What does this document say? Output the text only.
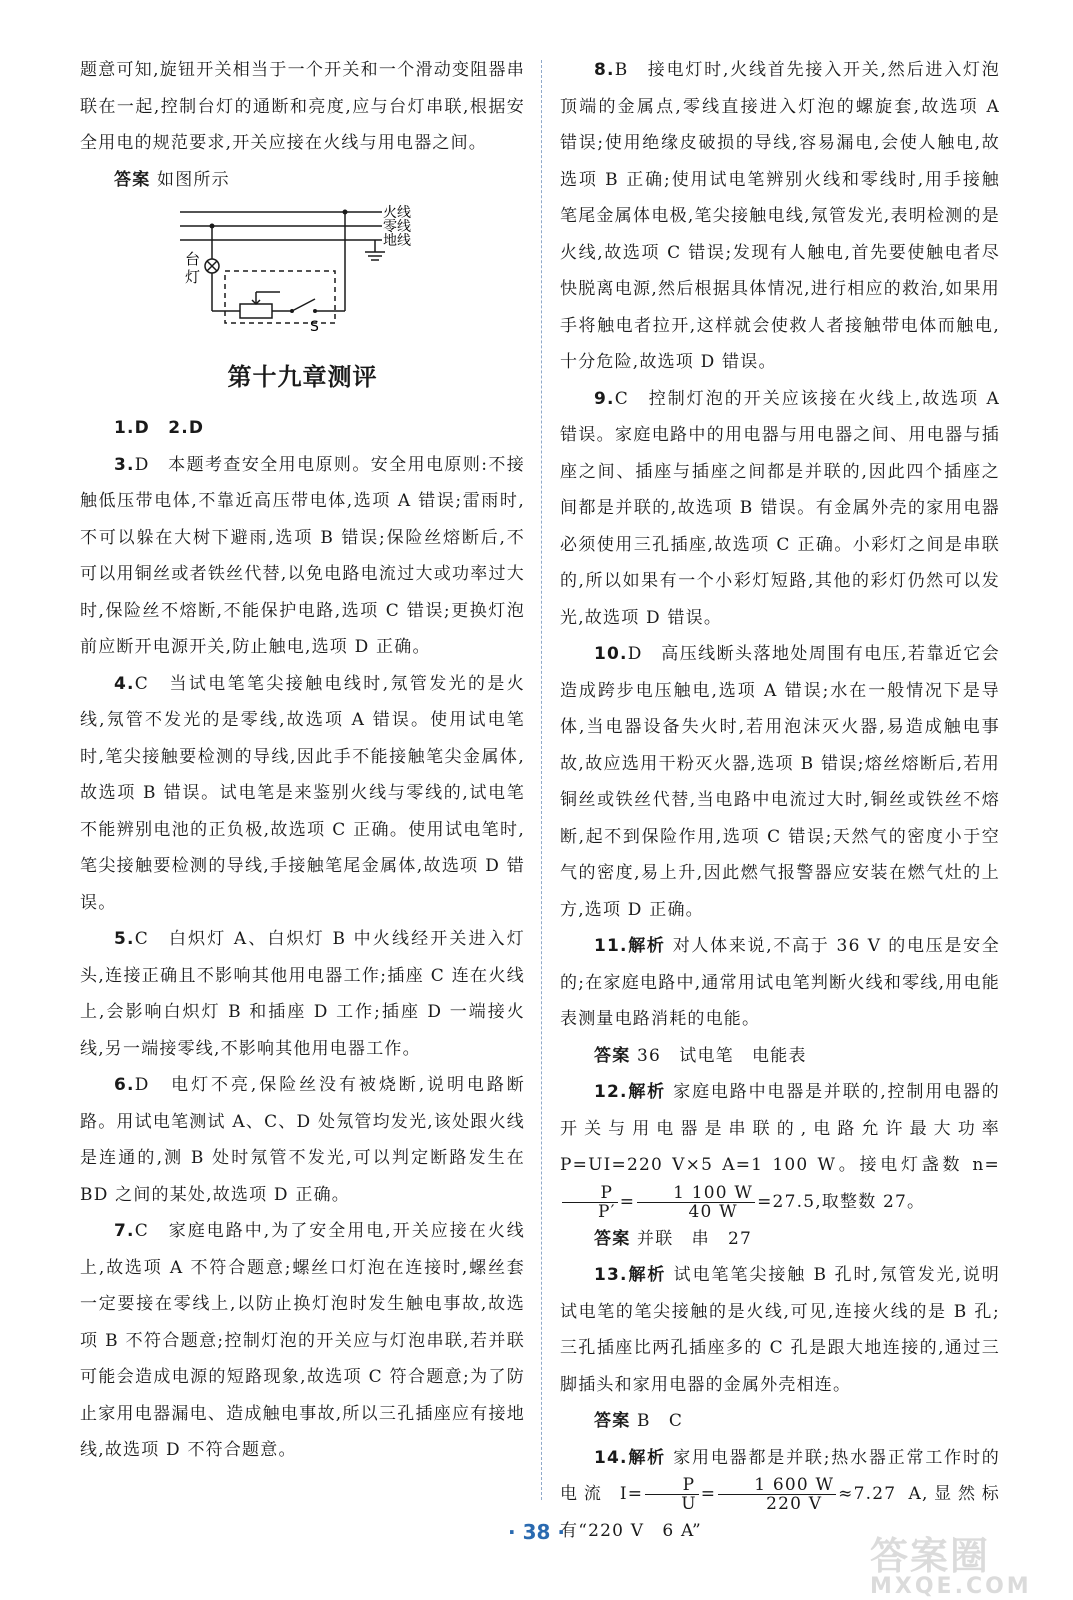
题意可知,旋钮开关相当于一个开关和一个滑动变阻器串联在一起,控制台灯的通断和亮度,应与台灯串联,根据安全用电的规范要求,开关应接在火线与用电器之间。

答案 如图所示

火线
零线
地线
台
灯
S
第十九章测评

1.D　2.D

3.D　本题考查安全用电原则。安全用电原则:不接触低压带电体,不靠近高压带电体,选项 A 错误;雷雨时,不可以躲在大树下避雨,选项 B 错误;保险丝熔断后,不可以用铜丝或者铁丝代替,以免电路电流过大或功率过大时,保险丝不熔断,不能保护电路,选项 C 错误;更换灯泡前应断开电源开关,防止触电,选项 D 正确。

4.C　当试电笔笔尖接触电线时,氖管发光的是火线,氖管不发光的是零线,故选项 A 错误。使用试电笔时,笔尖接触要检测的导线,因此手不能接触笔尖金属体,故选项 B 错误。试电笔是来鉴别火线与零线的,试电笔不能辨别电池的正负极,故选项 C 正确。使用试电笔时,笔尖接触要检测的导线,手接触笔尾金属体,故选项 D 错误。

5.C　白炽灯 A、白炽灯 B 中火线经开关进入灯头,连接正确且不影响其他用电器工作;插座 C 连在火线上,会影响白炽灯 B 和插座 D 工作;插座 D 一端接火线,另一端接零线,不影响其他用电器工作。

6.D　电灯不亮,保险丝没有被烧断,说明电路断路。用试电笔测试 A、C、D 处氖管均发光,该处跟火线是连通的,测 B 处时氖管不发光,可以判定断路发生在 BD 之间的某处,故选项 D 正确。

7.C　家庭电路中,为了安全用电,开关应接在火线上,故选项 A 不符合题意;螺丝口灯泡在连接时,螺丝套一定要接在零线上,以防止换灯泡时发生触电事故,故选项 B 不符合题意;控制灯泡的开关应与灯泡串联,若并联可能会造成电源的短路现象,故选项 C 符合题意;为了防止家用电器漏电、造成触电事故,所以三孔插座应有接地线,故选项 D 不符合题意。

8.B　接电灯时,火线首先接入开关,然后进入灯泡顶端的金属点,零线直接进入灯泡的螺旋套,故选项 A 错误;使用绝缘皮破损的导线,容易漏电,会使人触电,故选项 B 正确;使用试电笔辨别火线和零线时,用手接触笔尾金属体电极,笔尖接触电线,氖管发光,表明检测的是火线,故选项 C 错误;发现有人触电,首先要使触电者尽快脱离电源,然后根据具体情况,进行相应的救治,如果用手将触电者拉开,这样就会使救人者接触带电体而触电,十分危险,故选项 D 错误。

9.C　控制灯泡的开关应该接在火线上,故选项 A 错误。家庭电路中的用电器与用电器之间、用电器与插座之间、插座与插座之间都是并联的,因此四个插座之间都是并联的,故选项 B 错误。有金属外壳的家用电器必须使用三孔插座,故选项 C 正确。小彩灯之间是串联的,所以如果有一个小彩灯短路,其他的彩灯仍然可以发光,故选项 D 错误。

10.D　高压线断头落地处周围有电压,若靠近它会造成跨步电压触电,选项 A 错误;水在一般情况下是导体,当电器设备失火时,若用泡沫灭火器,易造成触电事故,故应选用干粉灭火器,选项 B 错误;熔丝熔断后,若用铜丝或铁丝代替,当电路中电流过大时,铜丝或铁丝不熔断,起不到保险作用,选项 C 错误;天然气的密度小于空气的密度,易上升,因此燃气报警器应安装在燃气灶的上方,选项 D 正确。

11.解析 对人体来说,不高于 36 V 的电压是安全的;在家庭电路中,通常用试电笔判断火线和零线,用电能表测量电路消耗的电能。

答案 36　试电笔　电能表

12.解析 家庭电路中电器是并联的,控制用电器的开关与用电器是串联的,电路允许最大功率 P=UI=220 V×5 A=1 100 W。接电灯盏数 n=
$\frac{P}{P'} = \frac{1 100 W}{40 W} =27.5$,取整数 27。

答案 并联　串　27

13.解析 试电笔笔尖接触 B 孔时,氖管发光,说明试电笔的笔尖接触的是火线,可见,连接火线的是 B 孔;三孔插座比两孔插座多的 C 孔是跟大地连接的,通过三脚插头和家用电器的金属外壳相连。

答案 B　C

14.解析 家用电器都是并联;热水器正常工作时的电流 $I= \frac{P}{U} = \frac{1 600 W}{220 V} \approx 7.27$ A,显然标有“220 V　6 A”

· 38 ·
答案圈
MXQE.COM
